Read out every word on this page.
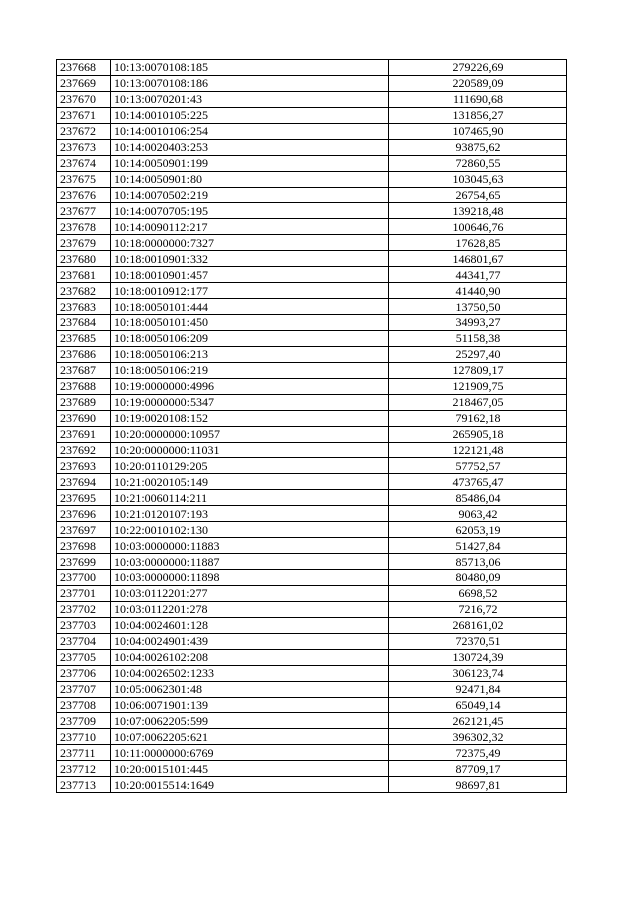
237668	10:13:0070108:185	279226,69
237669	10:13:0070108:186	220589,09
237670	10:13:0070201:43	111690,68
237671	10:14:0010105:225	131856,27
237672	10:14:0010106:254	107465,90
237673	10:14:0020403:253	93875,62
237674	10:14:0050901:199	72860,55
237675	10:14:0050901:80	103045,63
237676	10:14:0070502:219	26754,65
237677	10:14:0070705:195	139218,48
237678	10:14:0090112:217	100646,76
237679	10:18:0000000:7327	17628,85
237680	10:18:0010901:332	146801,67
237681	10:18:0010901:457	44341,77
237682	10:18:0010912:177	41440,90
237683	10:18:0050101:444	13750,50
237684	10:18:0050101:450	34993,27
237685	10:18:0050106:209	51158,38
237686	10:18:0050106:213	25297,40
237687	10:18:0050106:219	127809,17
237688	10:19:0000000:4996	121909,75
237689	10:19:0000000:5347	218467,05
237690	10:19:0020108:152	79162,18
237691	10:20:0000000:10957	265905,18
237692	10:20:0000000:11031	122121,48
237693	10:20:0110129:205	57752,57
237694	10:21:0020105:149	473765,47
237695	10:21:0060114:211	85486,04
237696	10:21:0120107:193	9063,42
237697	10:22:0010102:130	62053,19
237698	10:03:0000000:11883	51427,84
237699	10:03:0000000:11887	85713,06
237700	10:03:0000000:11898	80480,09
237701	10:03:0112201:277	6698,52
237702	10:03:0112201:278	7216,72
237703	10:04:0024601:128	268161,02
237704	10:04:0024901:439	72370,51
237705	10:04:0026102:208	130724,39
237706	10:04:0026502:1233	306123,74
237707	10:05:0062301:48	92471,84
237708	10:06:0071901:139	65049,14
237709	10:07:0062205:599	262121,45
237710	10:07:0062205:621	396302,32
237711	10:11:0000000:6769	72375,49
237712	10:20:0015101:445	87709,17
237713	10:20:0015514:1649	98697,81
